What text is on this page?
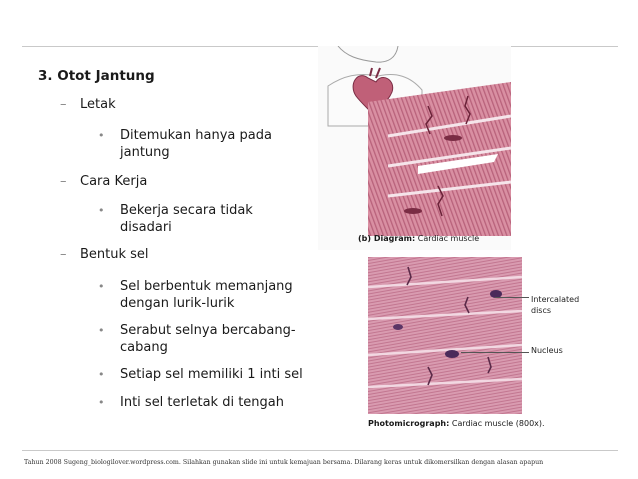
3. Otot Jantung
– Letak
• Ditemukan hanya pada
jantung
– Cara Kerja
• Bekerja secara tidak
disadari
– Bentuk sel
• Sel berbentuk memanjang
dengan lurik-lurik
• Serabut selnya bercabang-
cabang
• Setiap sel memiliki 1 inti sel
• Inti sel terletak di tengah
(b) Diagram: Cardiac muscle
Intercalated
discs
Nucleus
Photomicrograph: Cardiac muscle (800x).
Tahun 2008 Sugeng_biologilover.wordpress.com. Silahkan gunakan slide ini untuk kemajuan bersama. Dilarang keras untuk dikomersilkan dengan alasan apapun
